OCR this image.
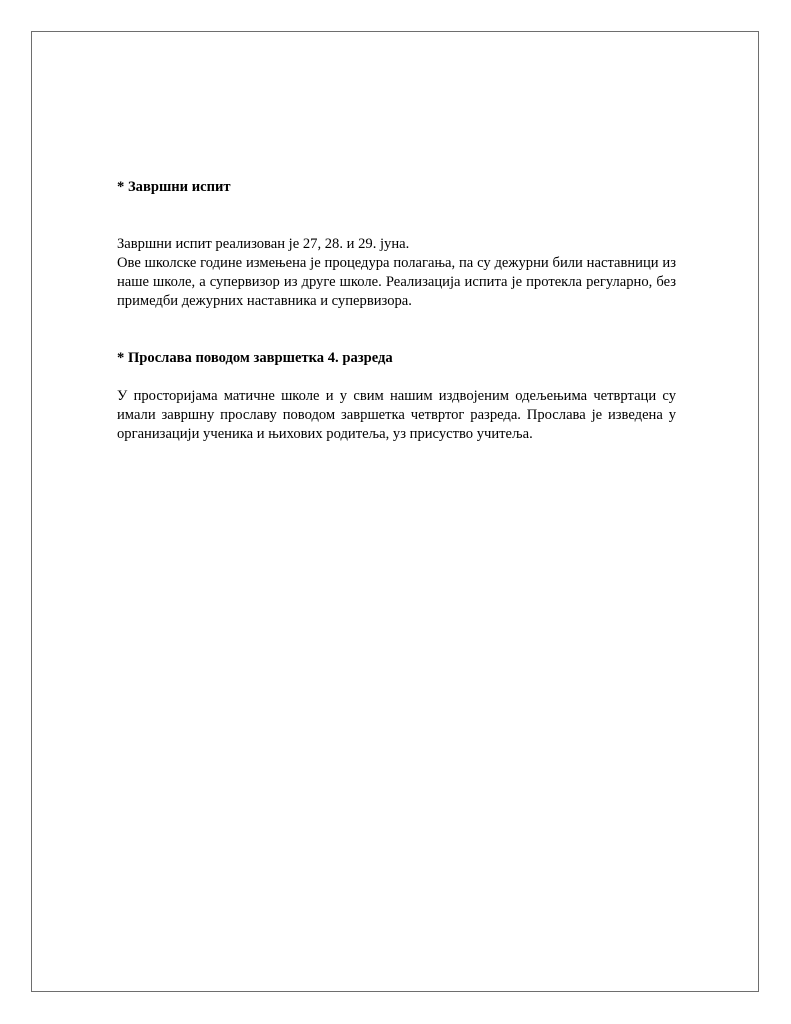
* Завршни испит

Завршни испит реализован је 27, 28. и 29. јуна.

Ове школске године измењена је процедура полагања, па су дежурни били наставници из наше школе, а супервизор из друге школе. Реализација испита је протекла регуларно, без примедби дежурних наставника и супервизора.

* Прослава поводом завршетка 4. разреда

У просторијама матичне школе и у свим нашим издвојеним одељењима четвртаци су имали завршну прославу поводом завршетка четвртог разреда. Прослава је изведена у организацији ученика и њихових родитеља, уз присуство учитеља.
